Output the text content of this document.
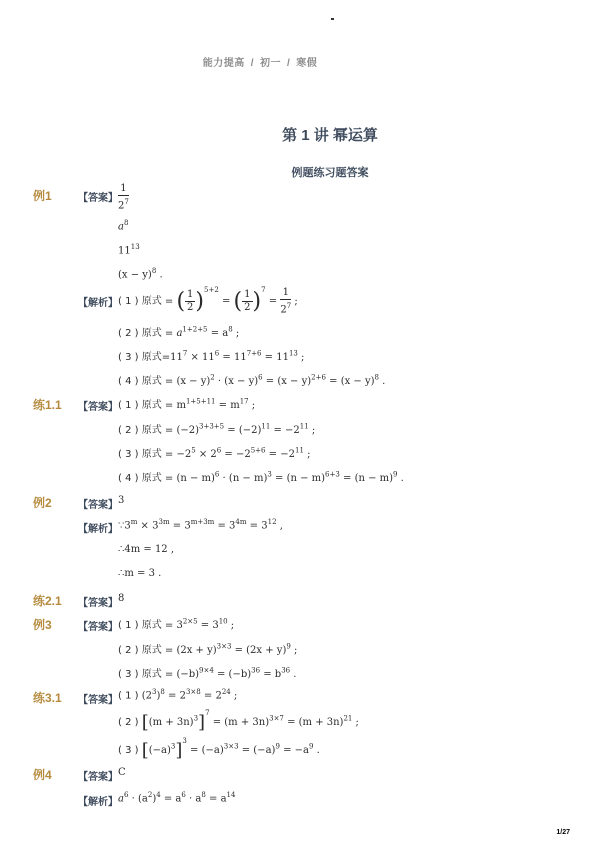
能力提高 / 初一 / 寒假
第 1 讲 幂运算
例题练习题答案
例1	【答案】 $\frac{1}{2^7}$
$a^8$
$11^{13}$
$(x - y)^8$ .
【解析】 ( 1 ) 原式 = ( $\frac{1}{2} )^{5+2}$ = ( $\frac{1}{2} )^7 = \frac{1}{2^7}$ ;
( 2 ) 原式 = $a^{1+2+5} = a^8$ ;
( 3 ) 原式$=11^7 \times 11^6 = 11^{7+6} = 11^{13}$ ;
( 4 ) 原式 = $(x - y)^2 \cdot (x - y)^6 = (x - y)^{2+6} = (x - y)^8$ .
练1.1 【答案】 ( 1 ) 原式 = $m^{1+5+11} = m^{17}$ ;
( 2 ) 原式 = $(-2)^{3+3+5} = (-2)^{11} = -2^{11}$ ;
( 3 ) 原式 = $-2^5 \times 2^6 = -2^{5+6} = -2^{11}$ ;
( 4 ) 原式 = $(n - m)^6 \cdot (n - m)^3 = (n - m)^{6+3} = (n - m)^9$ .
例2	【答案】 3
【解析】 $\because 3^m \times 3^{3m} = 3^{m+3m} = 3^{4m} = 3^{12}$ ,
∴4m = 12 ,
∴m = 3 .
练2.1 【答案】 8
例3	【答案】 ( 1 ) 原式 = $3^{2\times 5} = 3^{10}$ ;
( 2 ) 原式 = $(2x + y)^{3\times 3} = (2x + y)^9$ ;
( 3 ) 原式 = $(-b)^{9\times 4} = (-b)^{36} = b^{36}$ .
练3.1 【答案】 ( 1 ) $(2^3)^8 = 2^{3\times 8} = 2^{24}$ ;
( 2 ) $[(m + 3n)^3]^7 = (m + 3n)^{3\times 7} = (m + 3n)^{21}$ ;
( 3 ) $[(-a)^3]^3 = (-a)^{3\times 3} = (-a)^9 = -a^9$ .
例4	【答案】 C
【解析】 $a^6 \cdot (a^2)^4 = a^6 \cdot a^8 = a^{14}$
1/27
